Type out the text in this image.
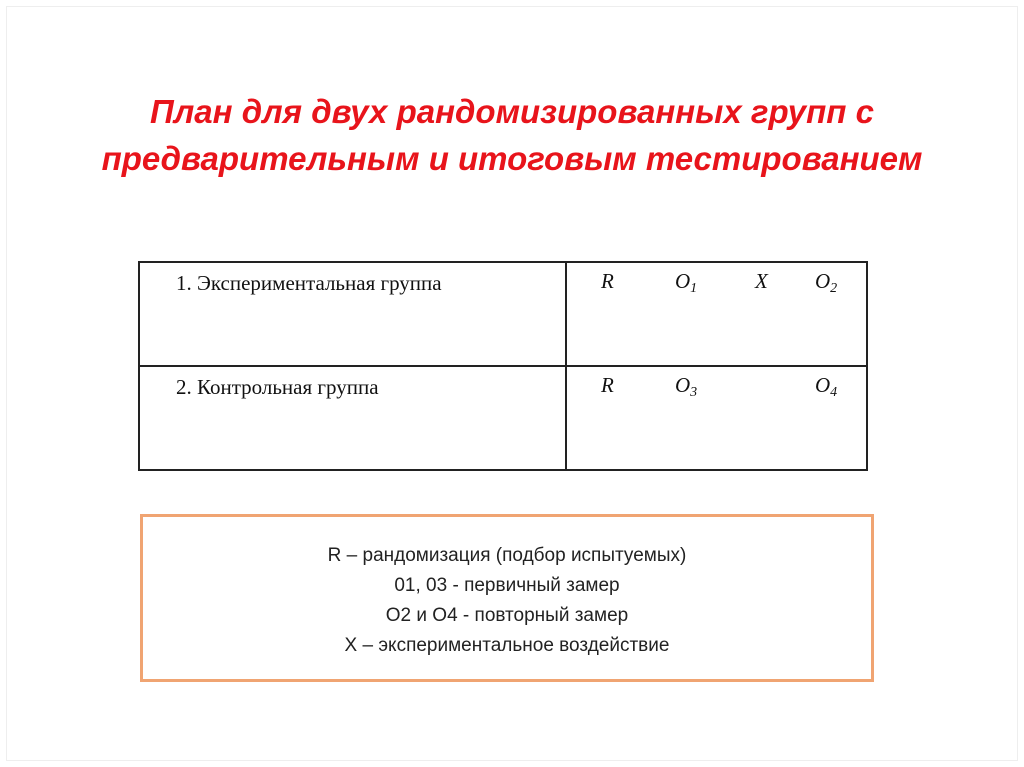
План для двух рандомизированных групп с
предварительным и итоговым тестированием
1. Экспериментальная группа	R $O_1$ X $O_2$

2. Контрольная группа	R $O_3$ $O_4$
R – рандомизация (подбор испытуемых)
01, 03 - первичный замер
О2 и О4 - повторный замер
X – экспериментальное воздействие
